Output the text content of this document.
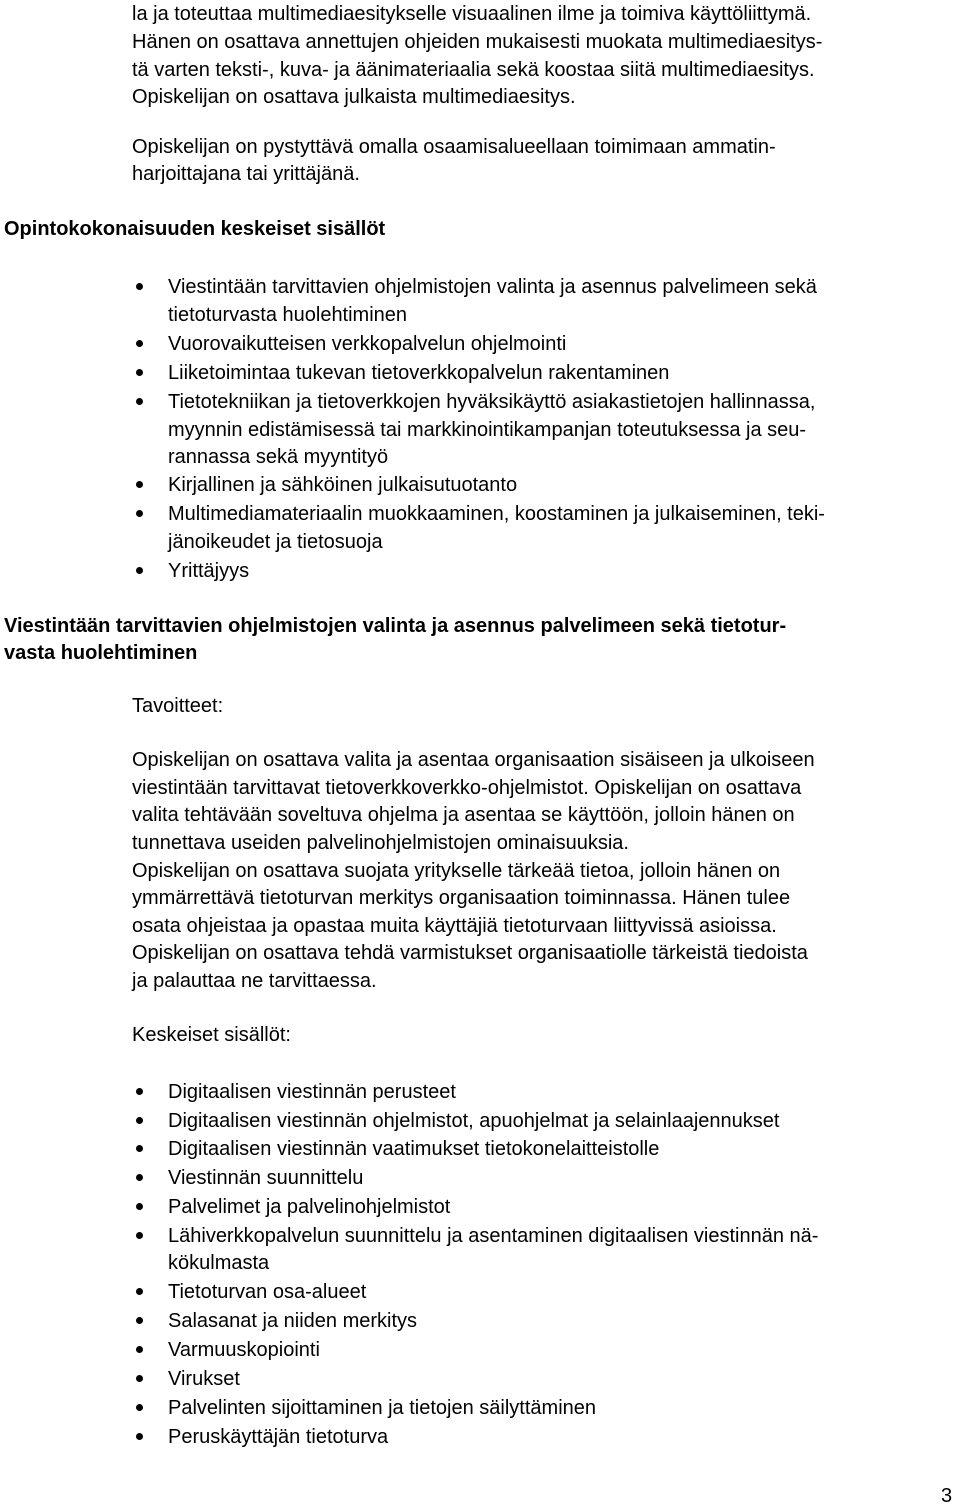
la ja toteuttaa multimediaesitykselle visuaalinen ilme ja toimiva käyttöliittymä.
Hänen on osattava annettujen ohjeiden mukaisesti muokata multimediaesitys-
tä varten teksti-, kuva- ja äänimateriaalia sekä koostaa siitä multimediaesitys.
Opiskelijan on osattava julkaista multimediaesitys.
Opiskelijan on pystyttävä omalla osaamisalueellaan toimimaan ammatin-
harjoittajana tai yrittäjänä.
Opintokokonaisuuden keskeiset sisällöt
Viestintään tarvittavien ohjelmistojen valinta ja asennus palvelimeen sekä
tietoturvasta huolehtiminen
Vuorovaikutteisen verkkopalvelun ohjelmointi
Liiketoimintaa tukevan tietoverkkopalvelun rakentaminen
Tietotekniikan ja tietoverkkojen hyväksikäyttö asiakastietojen hallinnassa,
myynnin edistämisessä tai markkinointikampanjan toteutuksessa ja seu-
rannassa sekä myyntityö
Kirjallinen ja sähköinen julkaisutuotanto
Multimediamateriaalin muokkaaminen, koostaminen ja julkaiseminen, teki-
jänoikeudet ja tietosuoja
Yrittäjyys
Viestintään tarvittavien ohjelmistojen valinta ja asennus palvelimeen sekä tietotur-
vasta huolehtiminen
Tavoitteet:
Opiskelijan on osattava valita ja asentaa organisaation sisäiseen ja ulkoiseen
viestintään tarvittavat tietoverkkoverkko-ohjelmistot. Opiskelijan on osattava
valita tehtävään soveltuva ohjelma ja asentaa se käyttöön, jolloin hänen on
tunnettava useiden palvelinohjelmistojen ominaisuuksia.
Opiskelijan on osattava suojata yritykselle tärkeää tietoa, jolloin hänen on
ymmärrettävä tietoturvan merkitys organisaation toiminnassa. Hänen tulee
osata ohjeistaa ja opastaa muita käyttäjiä tietoturvaan liittyvissä asioissa.
Opiskelijan on osattava tehdä varmistukset organisaatiolle tärkeistä tiedoista
ja palauttaa ne tarvittaessa.
Keskeiset sisällöt:
Digitaalisen viestinnän perusteet
Digitaalisen viestinnän ohjelmistot, apuohjelmat ja selainlaajennukset
Digitaalisen viestinnän vaatimukset tietokonelaitteistolle
Viestinnän suunnittelu
Palvelimet ja palvelinohjelmistot
Lähiverkkopalvelun suunnittelu ja asentaminen digitaalisen viestinnän nä-
kökulmasta
Tietoturvan osa-alueet
Salasanat ja niiden merkitys
Varmuuskopiointi
Virukset
Palvelinten sijoittaminen ja tietojen säilyttäminen
Peruskäyttäjän tietoturva
3
